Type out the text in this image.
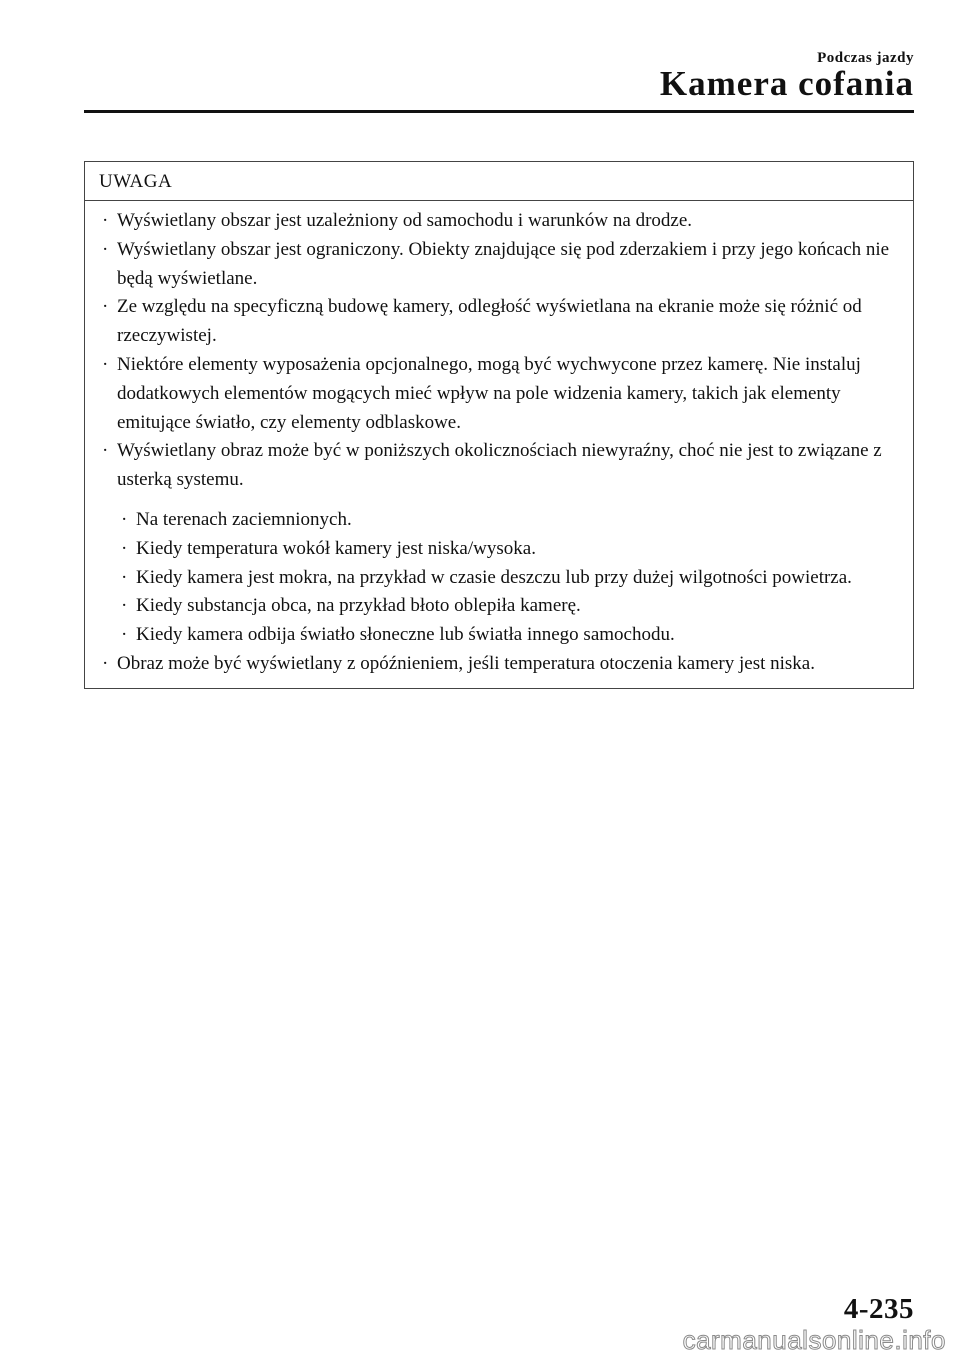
Podczas jazdy
Kamera cofania
UWAGA
· Wyświetlany obszar jest uzależniony od samochodu i warunków na drodze.
· Wyświetlany obszar jest ograniczony. Obiekty znajdujące się pod zderzakiem i przy jego końcach nie będą wyświetlane.
· Ze względu na specyficzną budowę kamery, odległość wyświetlana na ekranie może się różnić od rzeczywistej.
· Niektóre elementy wyposażenia opcjonalnego, mogą być wychwycone przez kamerę. Nie instaluj dodatkowych elementów mogących mieć wpływ na pole widzenia kamery, takich jak elementy emitujące światło, czy elementy odblaskowe.
· Wyświetlany obraz może być w poniższych okolicznościach niewyraźny, choć nie jest to związane z usterką systemu.
· Na terenach zaciemnionych.
· Kiedy temperatura wokół kamery jest niska/wysoka.
· Kiedy kamera jest mokra, na przykład w czasie deszczu lub przy dużej wilgotności powietrza.
· Kiedy substancja obca, na przykład błoto oblepiła kamerę.
· Kiedy kamera odbija światło słoneczne lub światła innego samochodu.
· Obraz może być wyświetlany z opóźnieniem, jeśli temperatura otoczenia kamery jest niska.
4-235
carmanualsonline.info
